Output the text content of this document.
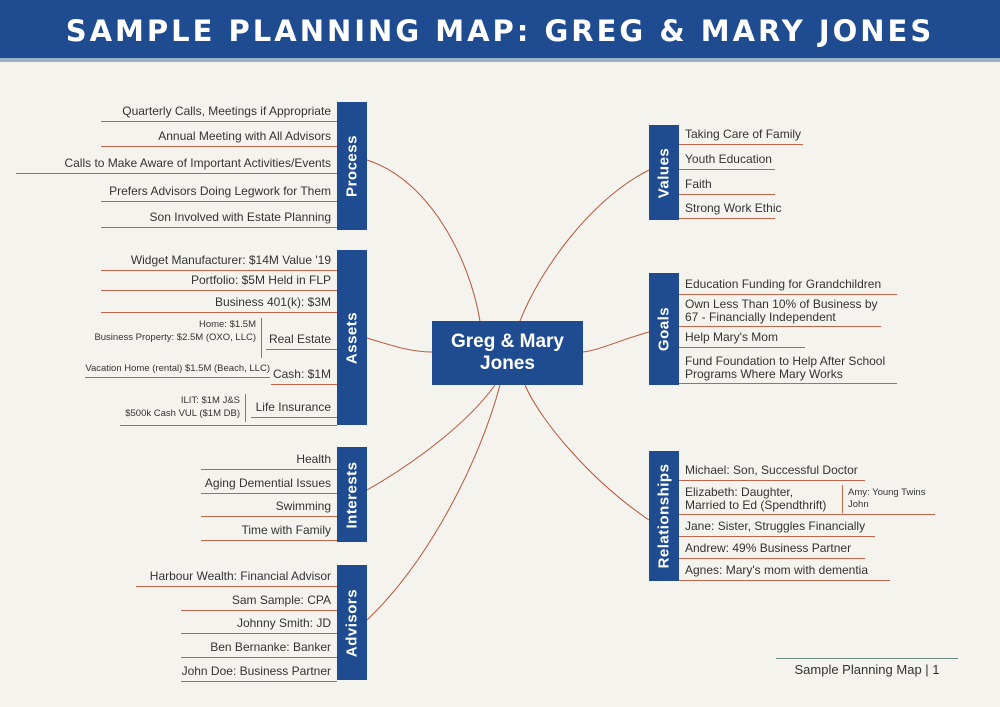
SAMPLE PLANNING MAP: GREG & MARY JONES
Greg & Mary Jones
Process
Quarterly Calls, Meetings if Appropriate
Annual Meeting with All Advisors
Calls to Make Aware of Important Activities/Events
Prefers Advisors Doing Legwork for Them
Son Involved with Estate Planning
Assets
Widget Manufacturer: $14M Value '19
Portfolio: $5M Held in FLP
Business 401(k): $3M
Home: $1.5M
Business Property: $2.5M (OXO, LLC) Real Estate
Vacation Home (rental) $1.5M (Beach, LLC) Cash: $1M
ILIT: $1M J&S
$500k Cash VUL ($1M DB)	Life Insurance
Interests
Health
Aging Demential Issues
Swimming
Time with Family
Advisors
Harbour Wealth: Financial Advisor
Sam Sample: CPA
Johnny Smith: JD
Ben Bernanke: Banker
John Doe: Business Partner
Values
Taking Care of Family
Youth Education
Faith
Strong Work Ethic
Goals
Education Funding for Grandchildren
Own Less Than 10% of Business by
67 - Financially Independent
Help Mary's Mom
Fund Foundation to Help After School
Programs Where Mary Works
Relationships	Michael: Son, Successful Doctor
Elizabeth: Daughter,
Married to Ed (Spendthrift)
Amy: Young Twins
John
Jane: Sister, Struggles Financially
Andrew: 49% Business Partner
Agnes: Mary's mom with dementia
Sample Planning Map | 1
